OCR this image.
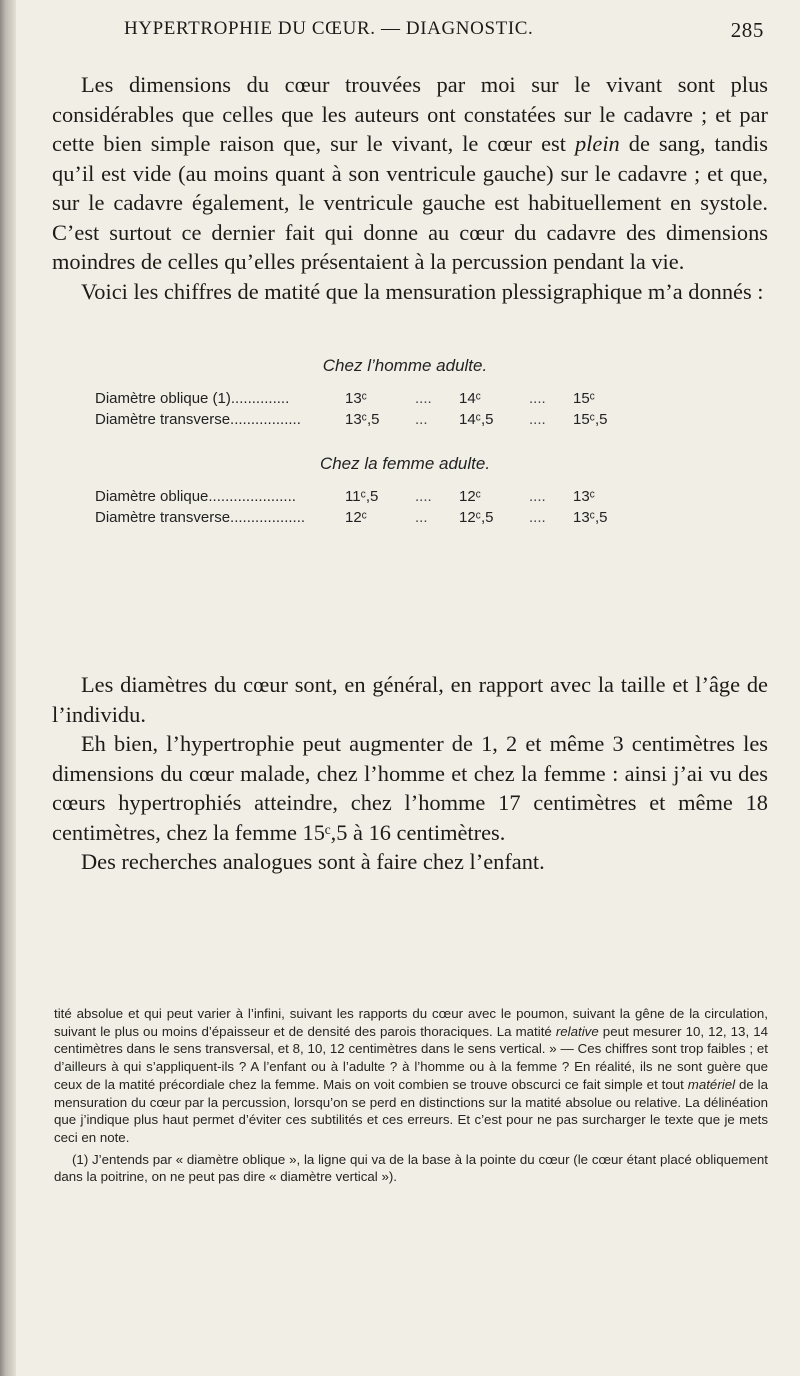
HYPERTROPHIE DU CŒUR. — DIAGNOSTIC.	285

Les dimensions du cœur trouvées par moi sur le vivant sont plus considérables que celles que les auteurs ont constatées sur le cadavre ; et par cette bien simple raison que, sur le vivant, le cœur est plein de sang, tandis qu’il est vide (au moins quant à son ventricule gauche) sur le cadavre ; et que, sur le cadavre également, le ventricule gauche est habituellement en systole. C’est surtout ce dernier fait qui donne au cœur du cadavre des dimensions moindres de celles qu’elles présentaient à la percussion pendant la vie.

Voici les chiffres de matité que la mensuration plessigraphique m’a donnés :

Chez l’homme adulte.
Diamètre oblique (1)..............	13ᶜ	....	14ᶜ	....	15ᶜ
Diamètre transverse.................	13ᶜ,5	...	14ᶜ,5	....	15ᶜ,5
Chez la femme adulte.
Diamètre oblique.....................	11ᶜ,5	....	12ᶜ	....	13ᶜ
Diamètre transverse..................	12ᶜ	...	12ᶜ,5	....	13ᶜ,5

Les diamètres du cœur sont, en général, en rapport avec la taille et l’âge de l’individu.

Eh bien, l’hypertrophie peut augmenter de 1, 2 et même 3 centimètres les dimensions du cœur malade, chez l’homme et chez la femme : ainsi j’ai vu des cœurs hypertrophiés atteindre, chez l’homme 17 centimètres et même 18 centimètres, chez la femme 15ᶜ,5 à 16 centimètres.

Des recherches analogues sont à faire chez l’enfant.

tité absolue et qui peut varier à l’infini, suivant les rapports du cœur avec le poumon, suivant la gêne de la circulation, suivant le plus ou moins d’épaisseur et de densité des parois thoraciques. La matité relative peut mesurer 10, 12, 13, 14 centimètres dans le sens transversal, et 8, 10, 12 centimètres dans le sens vertical. » — Ces chiffres sont trop faibles ; et d’ailleurs à qui s’appliquent-ils ? A l’enfant ou à l’adulte ? à l’homme ou à la femme ? En réalité, ils ne sont guère que ceux de la matité précordiale chez la femme. Mais on voit combien se trouve obscurci ce fait simple et tout matériel de la mensuration du cœur par la percussion, lorsqu’on se perd en distinctions sur la matité absolue ou relative. La délinéation que j’indique plus haut permet d’éviter ces subtilités et ces erreurs. Et c’est pour ne pas surcharger le texte que je mets ceci en note.

(1) J’entends par « diamètre oblique », la ligne qui va de la base à la pointe du cœur (le cœur étant placé obliquement dans la poitrine, on ne peut pas dire « diamètre vertical »).
